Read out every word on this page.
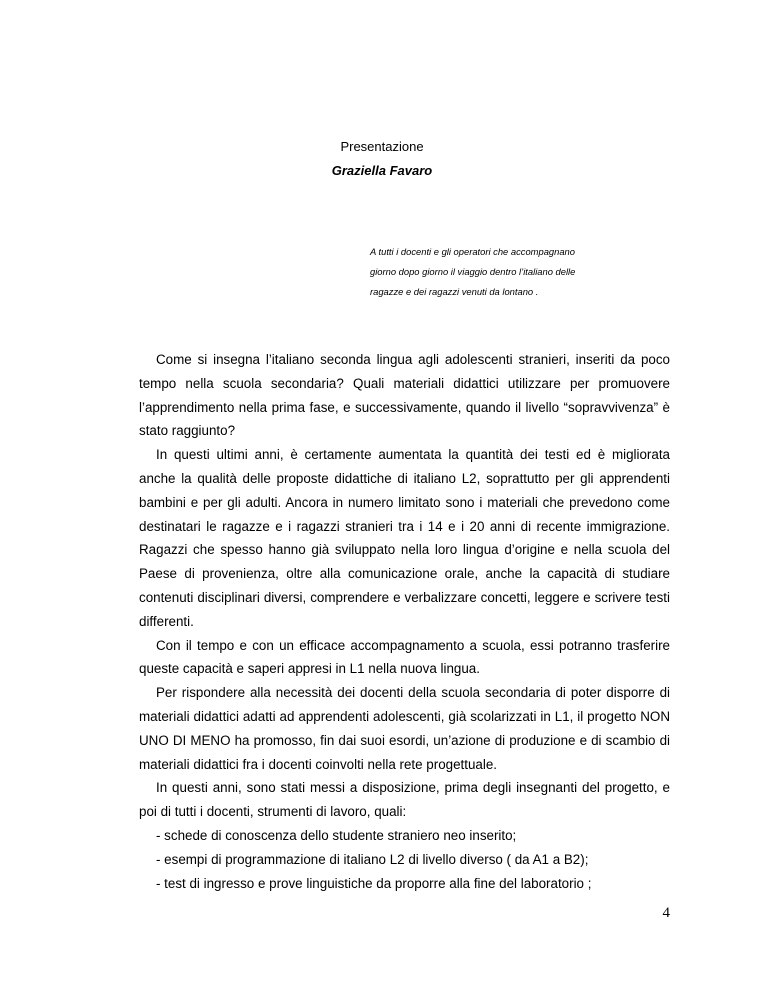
Presentazione
Graziella Favaro
A tutti i docenti e gli operatori che accompagnano
giorno dopo giorno il viaggio dentro l’italiano delle
ragazze e dei ragazzi venuti da lontano .

Come si insegna l’italiano seconda lingua agli adolescenti stranieri, inseriti da poco tempo nella scuola secondaria? Quali materiali didattici utilizzare per promuovere l’apprendimento nella prima fase, e successivamente, quando il livello “sopravvivenza” è stato raggiunto?

In questi ultimi anni, è certamente aumentata la quantità dei testi ed è migliorata anche la qualità delle proposte didattiche di italiano L2, soprattutto per gli apprendenti bambini e per gli adulti. Ancora in numero limitato sono i materiali che prevedono come destinatari le ragazze e i ragazzi stranieri tra i 14 e i 20 anni di recente immigrazione. Ragazzi che spesso hanno già sviluppato nella loro lingua d’origine e nella scuola del Paese di provenienza, oltre alla comunicazione orale, anche la capacità di studiare contenuti disciplinari diversi, comprendere e verbalizzare concetti, leggere e scrivere testi differenti.

Con il tempo e con un efficace accompagnamento a scuola, essi potranno trasferire queste capacità e saperi appresi in L1 nella nuova lingua.

Per rispondere alla necessità dei docenti della scuola secondaria di poter disporre di materiali didattici adatti ad apprendenti adolescenti, già scolarizzati in L1, il progetto NON UNO DI MENO ha promosso, fin dai suoi esordi, un’azione di produzione e di scambio di materiali didattici fra i docenti coinvolti nella rete progettuale.

In questi anni, sono stati messi a disposizione, prima degli insegnanti del progetto, e poi di tutti i docenti, strumenti di lavoro, quali:

- schede di conoscenza dello studente straniero neo inserito;
- esempi di programmazione di italiano L2 di livello diverso ( da A1 a B2);
- test di ingresso e prove linguistiche da proporre alla fine del laboratorio ;
4
